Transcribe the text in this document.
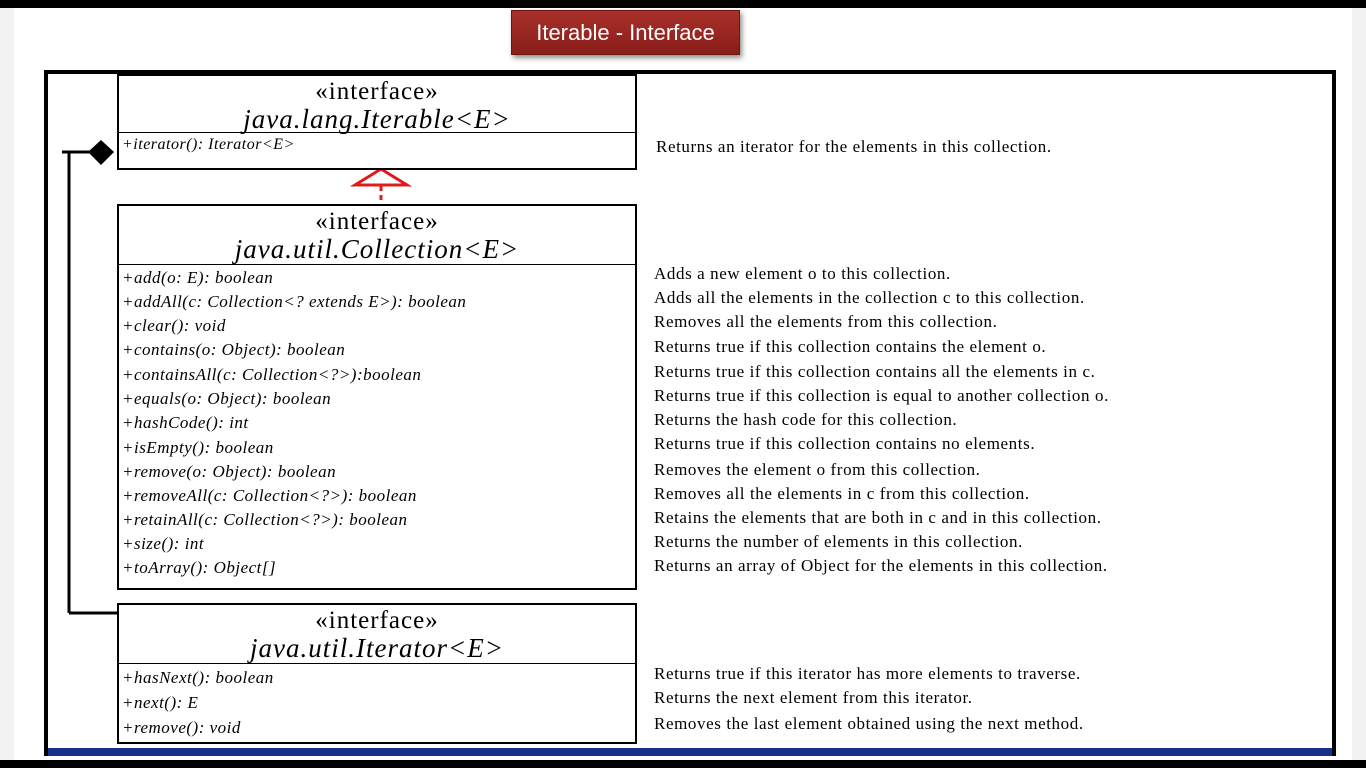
Iterable - Interface
«interface»
java.lang.Iterable<E>
+iterator(): Iterator<E>
«interface»
java.util.Collection<E>
+add(o: E): boolean
+addAll(c: Collection<? extends E>): boolean
+clear(): void
+contains(o: Object): boolean
+containsAll(c: Collection<?>):boolean
+equals(o: Object): boolean
+hashCode(): int
+isEmpty(): boolean
+remove(o: Object): boolean
+removeAll(c: Collection<?>): boolean
+retainAll(c: Collection<?>): boolean
+size(): int
+toArray(): Object[]
«interface»
java.util.Iterator<E>
+hasNext(): boolean
+next(): E
+remove(): void
Returns an iterator for the elements in this collection.
Adds a new element o to this collection.
Adds all the elements in the collection c to this collection.
Removes all the elements from this collection.
Returns true if this collection contains the element o.
Returns true if this collection contains all the elements in c.
Returns true if this collection is equal to another collection o.
Returns the hash code for this collection.
Returns true if this collection contains no elements.
Removes the element o from this collection.
Removes all the elements in c from this collection.
Retains the elements that are both in c and in this collection.
Returns the number of elements in this collection.
Returns an array of Object for the elements in this collection.
Returns true if this iterator has more elements to traverse.
Returns the next element from this iterator.
Removes the last element obtained using the next method.
